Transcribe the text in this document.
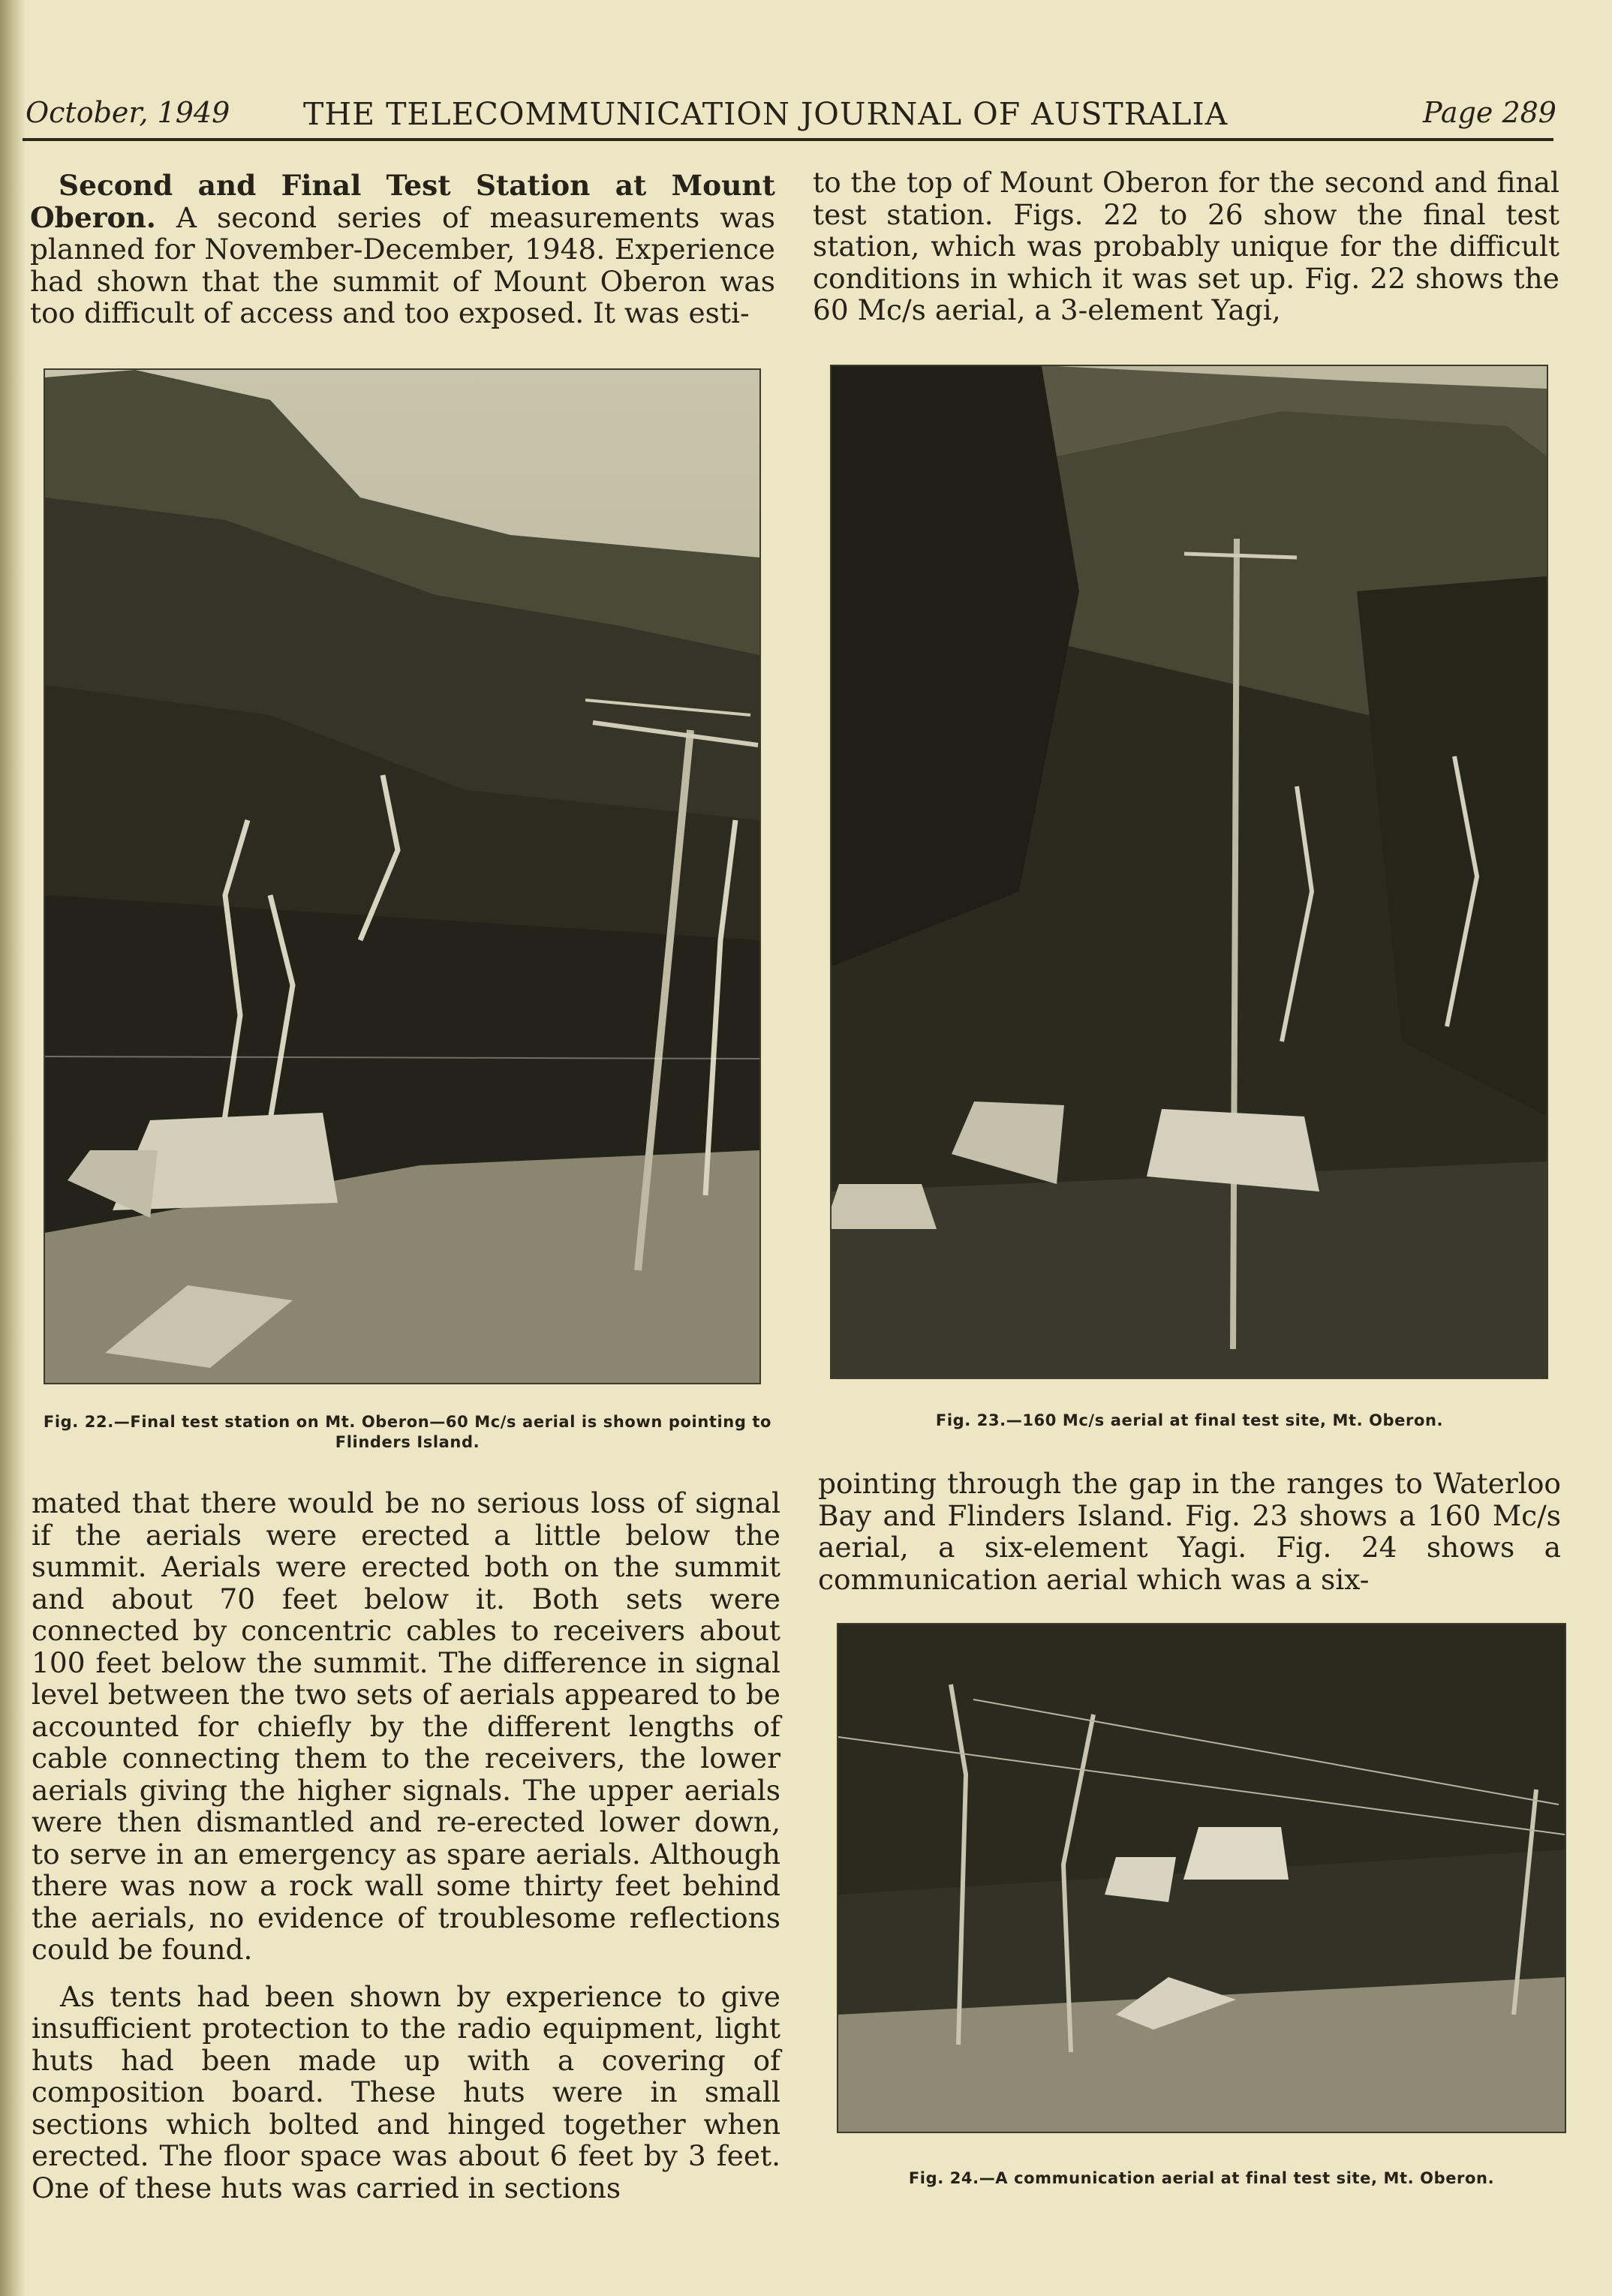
October, 1949 THE TELECOMMUNICATION JOURNAL OF AUSTRALIA	Page 289

Second and Final Test Station at Mount Oberon. A second series of measurements was planned for November-December, 1948. Experience had shown that the summit of Mount Oberon was too difficult of access and too exposed. It was esti-

to the top of Mount Oberon for the second and final test station. Figs. 22 to 26 show the final test station, which was probably unique for the difficult conditions in which it was set up. Fig. 22 shows the 60 Mc/s aerial, a 3-element Yagi,

Fig. 22.—Final test station on Mt. Oberon—60 Mc/s aerial is shown pointing to Flinders Island.
Fig. 23.—160 Mc/s aerial at final test site, Mt. Oberon.

mated that there would be no serious loss of signal if the aerials were erected a little below the summit. Aerials were erected both on the summit and about 70 feet below it. Both sets were connected by concentric cables to receivers about 100 feet below the summit. The difference in signal level between the two sets of aerials appeared to be accounted for chiefly by the different lengths of cable connecting them to the receivers, the lower aerials giving the higher signals. The upper aerials were then dismantled and re-erected lower down, to serve in an emergency as spare aerials. Although there was now a rock wall some thirty feet behind the aerials, no evidence of troublesome reflections could be found.

As tents had been shown by experience to give insufficient protection to the radio equipment, light huts had been made up with a covering of composition board. These huts were in small sections which bolted and hinged together when erected. The floor space was about 6 feet by 3 feet. One of these huts was carried in sections

pointing through the gap in the ranges to Waterloo Bay and Flinders Island. Fig. 23 shows a 160 Mc/s aerial, a six-element Yagi. Fig. 24 shows a communication aerial which was a six-

Fig. 24.—A communication aerial at final test site, Mt. Oberon.
